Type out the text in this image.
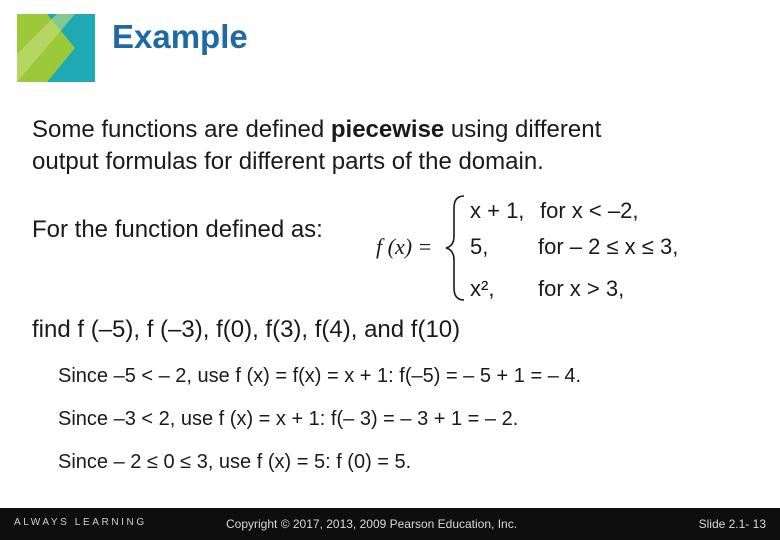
Example
Some functions are defined piecewise using different
output formulas for different parts of the domain.
For the function defined as:
f (x) =
x + 1, for x < –2,
5, for – 2 ≤ x ≤ 3,
x², for x > 3,
find f (–5), f (–3), f(0), f(3), f(4), and f(10)
Since –5 < – 2, use f (x) = f(x) = x + 1: f(–5) = – 5 + 1 = – 4.
Since –3 < 2, use f (x) = x + 1: f(– 3) = – 3 + 1 = – 2.
Since – 2 ≤ 0 ≤ 3, use f (x) = 5: f (0) = 5.
ALWAYS LEARNING	Copyright © 2017, 2013, 2009 Pearson Education, Inc.	Slide 2.1- 13
